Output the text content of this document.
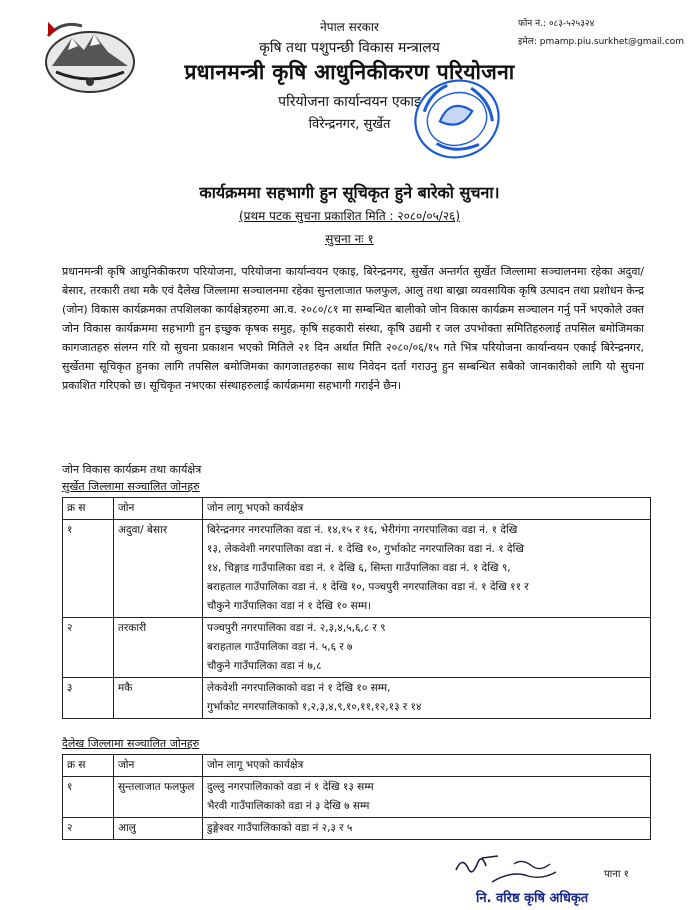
नेपाल सरकार
कृषि तथा पशुपन्छी विकास मन्त्रालय
प्रधानमन्त्री कृषि आधुनिकीकरण परियोजना
परियोजना कार्यान्वयन एकाइ
विरेन्द्रनगर, सुर्खेत
फोन नं.: ०८३-५२५३२४
इमेल: pmamp.piu.surkhet@gmail.com
कार्यक्रममा सहभागी हुन सूचिकृत हुने बारेको सुचना।
(प्रथम पटक सुचना प्रकाशित मिति : २०८०/०५/२६)
सुचना नः १
प्रधानमन्त्री कृषि आधुनिकीकरण परियोजना, परियोजना कार्यान्वयन एकाइ, बिरेन्द्रनगर, सुर्खेत अन्तर्गत सुर्खेत जिल्लामा सञ्चालनमा रहेका अदुवा/बेसार, तरकारी तथा मकै एवं दैलेख जिल्लामा सञ्चालनमा रहेका सुन्तलाजात फलफुल, आलु तथा बाख्रा व्यवसायिक कृषि उत्पादन तथा प्रशोधन केन्द्र (जोन) विकास कार्यक्रमका तपशिलका कार्यक्षेत्रहरुमा आ.व. २०८०/८१ मा सम्बन्धित बालीको जोन विकास कार्यक्रम सञ्चालन गर्नु पर्ने भएकोले उक्त जोन विकास कार्यक्रममा सहभागी हुन इच्छुक कृषक समुह, कृषि सहकारी संस्था, कृषि उद्यमी र जल उपभोक्ता समितिहरुलाई तपसिल बमोजिमका कागजातहरु संलग्न गरि यो सुचना प्रकाशन भएको मितिले २१ दिन अर्थात मिति २०८०/०६/१५ गते भित्र परियोजना कार्यान्वयन एकाई बिरेन्द्रनगर, सुर्खेतमा सूचिकृत हुनका लागि तपसिल बमोजिमका कागजातहरुका साथ निवेदन दर्ता गराउनु हुन सम्बन्धित सबैको जानकारीको लागि यो सुचना प्रकाशित गरिएको छ। सूचिकृत नभएका संस्थाहरुलाई कार्यक्रममा सहभागी गराईने छैन।
जोन विकास कार्यक्रम तथा कार्यक्षेत्र
सुर्खेत जिल्लामा सञ्चालित जोनहरु
क्र स	जोन	जोन लागू भएको कार्यक्षेत्र
१	अदुवा/ बेसार	बिरेन्द्रनगर नगरपालिका वडा नं. १४,१५ र १६, भेरीगंगा नगरपालिका वडा नं. १ देखि
१३, लेकवेशी नगरपालिका वडा नं. १ देखि १०, गुर्भाकोट नगरपालिका वडा नं. १ देखि
१४, चिङ्गाड गाउँपालिका वडा नं. १ देखि ६, सिम्ता गाउँपालिका वडा नं. १ देखि ९,
बराहताल गाउँपालिका वडा नं. १ देखि १०, पञ्चपुरी नगरपालिका वडा नं. १ देखि ११ र
चौकुने गाउँपालिका वडा नं १ देखि १० सम्म।

२	तरकारी	पञ्चपुरी नगरपालिका वडा नं. २,३,४,५,६,८ र ९
बराहताल गाउँपालिका वडा नं. ५,६ र ७
चौकुने गाउँपालिका वडा नं ७,८

३	मकै	लेकवेशी नगरपालिकाको वडा नं १ देखि १० सम्म,
गुर्भाकोट नगरपालिकाको १,२,३,४,९,१०,११,१२,१३ र १४
दैलेख जिल्लामा सञ्चालित जोनहरु
क्र स	जोन	जोन लागू भएको कार्यक्षेत्र
१	सुन्तलाजात फलफुल	दुल्लु नगरपालिकाको वडा नं १ देखि १३ सम्म
भैरवी गाउँपालिकाको वडा नं ३ देखि ७ सम्म

२	आलु	डुङ्गेश्वर गाउँपालिकाको वडा नं २,३ र ५
पाना १
नि. वरिष्ठ कृषि अधिकृत
